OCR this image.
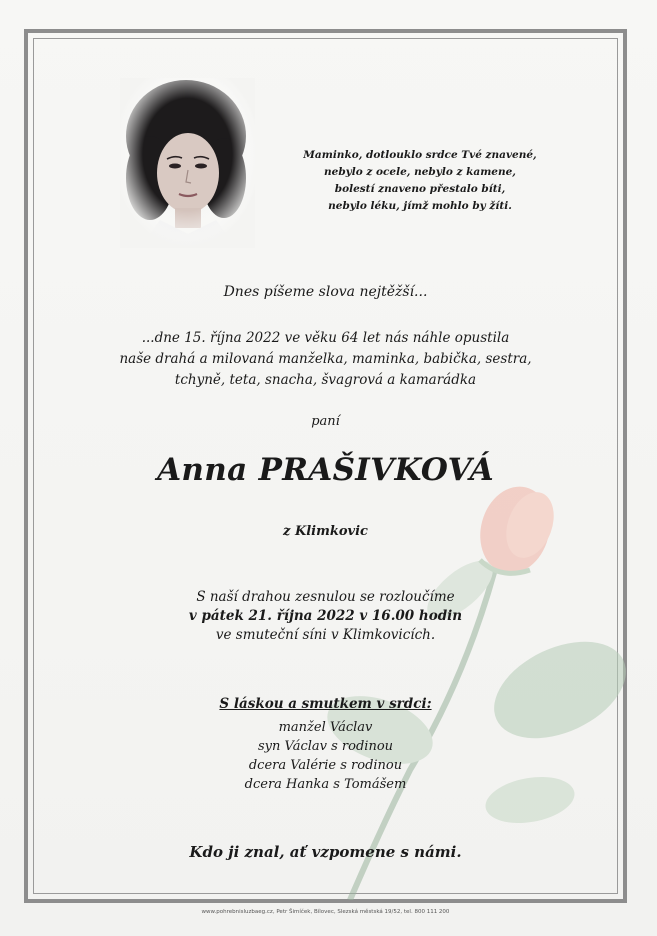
Maminko, dotlouklo srdce Tvé znavené,
nebylo z ocele, nebylo z kamene,
bolestí znaveno přestalo bíti,
nebylo léku, jímž mohlo by žíti.
Dnes píšeme slova nejtěžší...
...dne 15. října 2022 ve věku 64 let nás náhle opustila
naše drahá a milovaná manželka, maminka, babička, sestra,
tchyně, teta, snacha, švagrová a kamarádka
paní
Anna PRAŠIVKOVÁ
z Klimkovic
S naší drahou zesnulou se rozloučíme
v pátek 21. října 2022 v 16.00 hodin
ve smuteční síni v Klimkovicích.
S láskou a smutkem v srdci:
manžel Václav
syn Václav s rodinou
dcera Valérie s rodinou
dcera Hanka s Tomášem
Kdo ji znal, ať vzpomene s námi.
www.pohrebnisluzbaeg.cz, Petr Šimíček, Bílovec, Slezská městská 19/52, tel. 800 111 200
